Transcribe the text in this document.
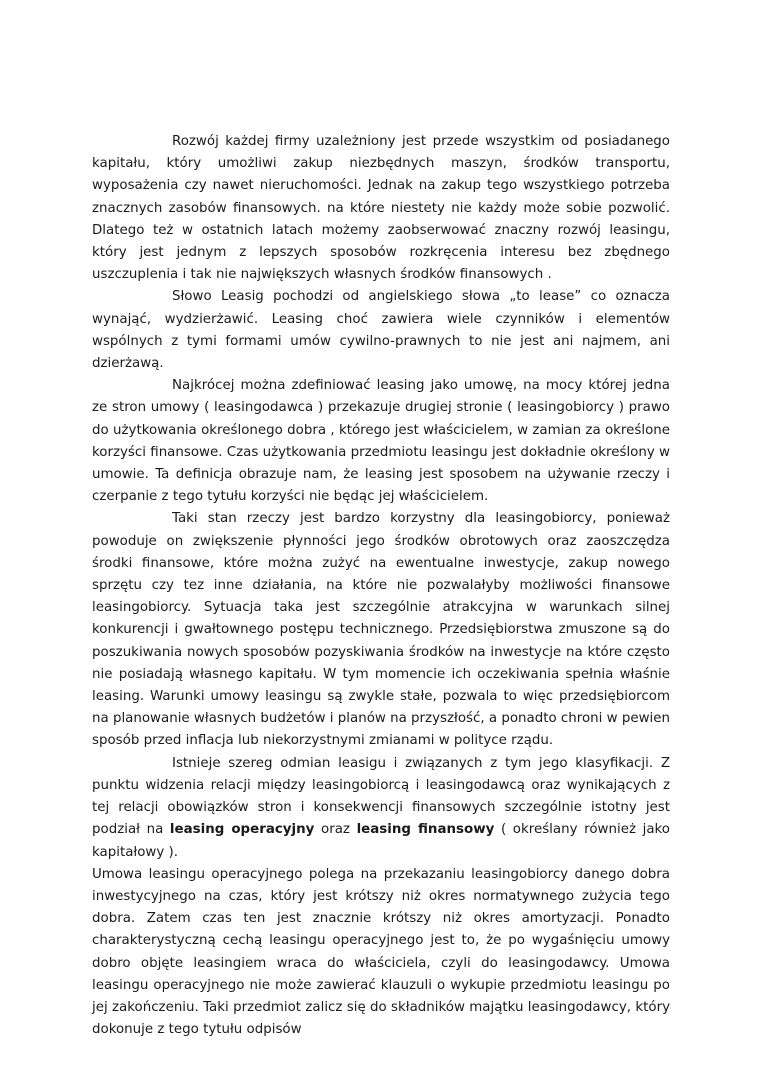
Rozwój każdej firmy uzależniony jest przede wszystkim od posiadanego kapitału, który umożliwi zakup niezbędnych maszyn, środków transportu, wyposażenia czy nawet nieruchomości. Jednak na zakup tego wszystkiego potrzeba znacznych zasobów finansowych. na które niestety nie każdy może sobie pozwolić. Dlatego też w ostatnich latach możemy zaobserwować znaczny rozwój leasingu, który jest jednym z lepszych sposobów rozkręcenia interesu bez zbędnego uszczuplenia i tak nie największych własnych środków finansowych .

Słowo Leasig pochodzi od angielskiego słowa „to lease” co oznacza wynająć, wydzierżawić. Leasing choć zawiera wiele czynników i elementów wspólnych z tymi formami umów cywilno-prawnych to nie jest ani najmem, ani dzierżawą.

Najkrócej można zdefiniować leasing jako umowę, na mocy której jedna ze stron umowy ( leasingodawca ) przekazuje drugiej stronie ( leasingobiorcy ) prawo do użytkowania określonego dobra , którego jest właścicielem, w zamian za określone korzyści finansowe. Czas użytkowania przedmiotu leasingu jest dokładnie określony w umowie. Ta definicja obrazuje nam, że leasing jest sposobem na używanie rzeczy i czerpanie z tego tytułu korzyści nie będąc jej właścicielem.

Taki stan rzeczy jest bardzo korzystny dla leasingobiorcy, ponieważ powoduje on zwiększenie płynności jego środków obrotowych oraz zaoszczędza środki finansowe, które można zużyć na ewentualne inwestycje, zakup nowego sprzętu czy tez inne działania, na które nie pozwalałyby możliwości finansowe leasingobiorcy. Sytuacja taka jest szczególnie atrakcyjna w warunkach silnej konkurencji i gwałtownego postępu technicznego. Przedsiębiorstwa zmuszone są do poszukiwania nowych sposobów pozyskiwania środków na inwestycje na które często nie posiadają własnego kapitału. W tym momencie ich oczekiwania spełnia właśnie leasing. Warunki umowy leasingu są zwykle stałe, pozwala to więc przedsiębiorcom na planowanie własnych budżetów i planów na przyszłość, a ponadto chroni w pewien sposób przed inflacja lub niekorzystnymi zmianami w polityce rządu.

Istnieje szereg odmian leasigu i związanych z tym jego klasyfikacji. Z punktu widzenia relacji między leasingobiorcą i leasingodawcą oraz wynikających z tej relacji obowiązków stron i konsekwencji finansowych szczególnie istotny jest podział na leasing operacyjny oraz leasing finansowy ( określany również jako kapitałowy ).

Umowa leasingu operacyjnego polega na przekazaniu leasingobiorcy danego dobra inwestycyjnego na czas, który jest krótszy niż okres normatywnego zużycia tego dobra. Zatem czas ten jest znacznie krótszy niż okres amortyzacji. Ponadto charakterystyczną cechą leasingu operacyjnego jest to, że po wygaśnięciu umowy dobro objęte leasingiem wraca do właściciela, czyli do leasingodawcy. Umowa leasingu operacyjnego nie może zawierać klauzuli o wykupie przedmiotu leasingu po jej zakończeniu. Taki przedmiot zalicz się do składników majątku leasingodawcy, który dokonuje z tego tytułu odpisów
